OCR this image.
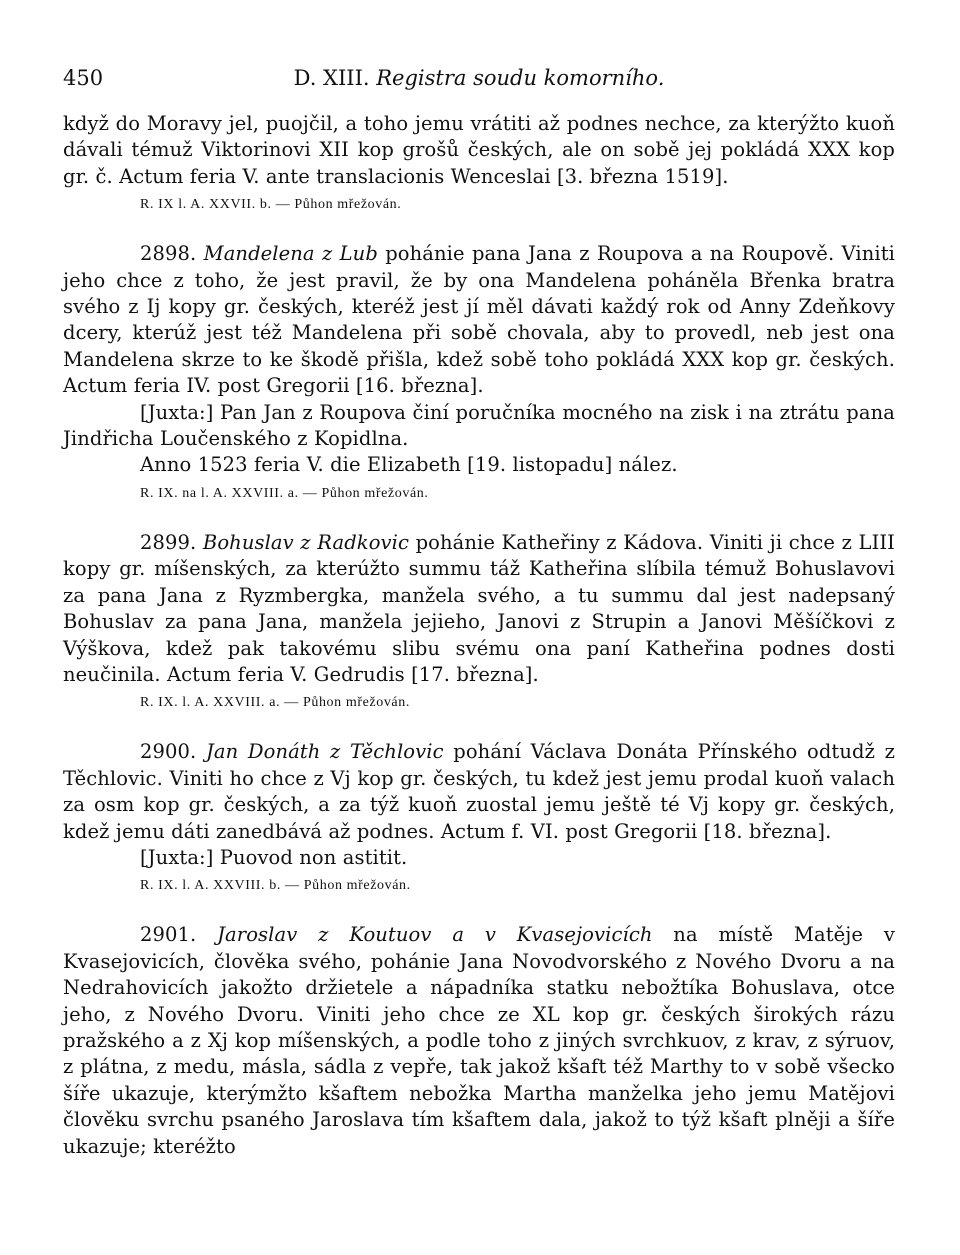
450	D. XIII. Registra soudu komorního.

když do Moravy jel, puojčil, a toho jemu vrátiti až podnes nechce, za kterýžto kuoň dávali témuž Viktorinovi XII kop grošů českých, ale on sobě jej pokládá XXX kop gr. č. Actum feria V. ante translacionis Wenceslai [3. března 1519].

R. IX l. A. XXVII. b. — Půhon mřežován.

2898. Mandelena z Lub pohánie pana Jana z Roupova a na Roupově. Viniti jeho chce z toho, že jest pravil, že by ona Mandelena poháněla Břenka bratra svého z Ij kopy gr. českých, kteréž jest jí měl dávati každý rok od Anny Zdeňkovy dcery, kterúž jest též Mandelena při sobě chovala, aby to provedl, neb jest ona Mandelena skrze to ke škodě přišla, kdež sobě toho pokládá XXX kop gr. českých. Actum feria IV. post Gregorii [16. března].

[Juxta:] Pan Jan z Roupova činí poručníka mocného na zisk i na ztrátu pana Jindřicha Loučenského z Kopidlna.

Anno 1523 feria V. die Elizabeth [19. listopadu] nález.

R. IX. na l. A. XXVIII. a. — Půhon mřežován.

2899. Bohuslav z Radkovic pohánie Katheřiny z Kádova. Viniti ji chce z LIII kopy gr. míšenských, za kterúžto summu táž Katheřina slíbila témuž Bohuslavovi za pana Jana z Ryzmbergka, manžela svého, a tu summu dal jest nadepsaný Bohuslav za pana Jana, manžela jejieho, Janovi z Strupin a Janovi Měšíčkovi z Výškova, kdež pak takovému slibu svému ona paní Katheřina podnes dosti neučinila. Actum feria V. Gedrudis [17. března].

R. IX. l. A. XXVIII. a. — Půhon mřežován.

2900. Jan Donáth z Těchlovic pohání Václava Donáta Přínského odtudž z Těchlovic. Viniti ho chce z Vj kop gr. českých, tu kdež jest jemu prodal kuoň valach za osm kop gr. českých, a za týž kuoň zuostal jemu ještě té Vj kopy gr. českých, kdež jemu dáti zanedbává až podnes. Actum f. VI. post Gregorii [18. března].

[Juxta:] Puovod non astitit.

R. IX. l. A. XXVIII. b. — Půhon mřežován.

2901. Jaroslav z Koutuov a v Kvasejovicích na místě Matěje v Kvasejovicích, člověka svého, pohánie Jana Novodvorského z Nového Dvoru a na Nedrahovicích jakožto držietele a nápadníka statku nebožtíka Bohuslava, otce jeho, z Nového Dvoru. Viniti jeho chce ze XL kop gr. českých širokých rázu pražského a z Xj kop míšenských, a podle toho z jiných svrchkuov, z krav, z sýruov, z plátna, z medu, másla, sádla z vepře, tak jakož kšaft též Marthy to v sobě všecko šíře ukazuje, kterýmžto kšaftem nebožka Martha manželka jeho jemu Matějovi člověku svrchu psaného Jaroslava tím kšaftem dala, jakož to týž kšaft plněji a šíře ukazuje; kteréžto
